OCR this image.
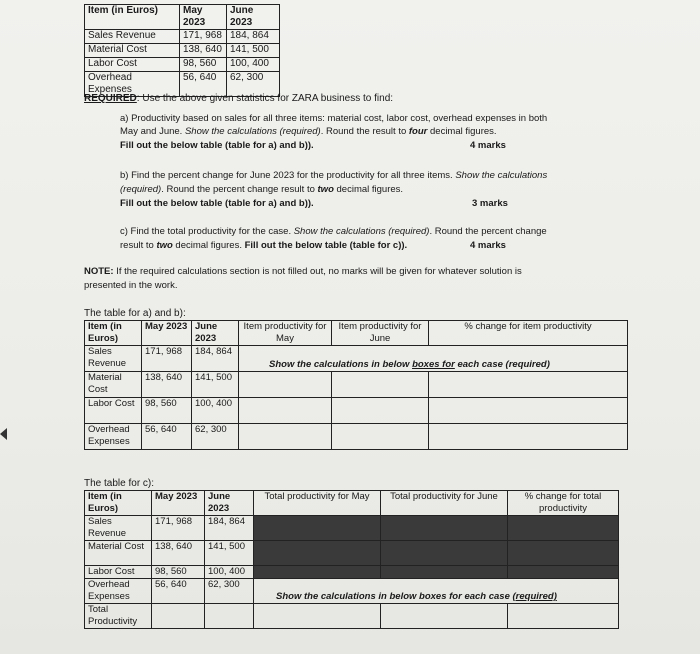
Item (in Euros)	May 2023	June 2023
Sales Revenue	171, 968	184, 864
Material Cost	138, 640	141, 500
Labor Cost	98, 560	100, 400
Overhead Expenses	56, 640	62, 300
REQUIRED: Use the above given statistics for ZARA business to find:
a) Productivity based on sales for all three items: material cost, labor cost, overhead expenses in both
May and June. Show the calculations (required). Round the result to four decimal figures.
Fill out the below table (table for a) and b)).	4 marks
b) Find the percent change for June 2023 for the productivity for all three items. Show the calculations
(required). Round the percent change result to two decimal figures.
Fill out the below table (table for a) and b)).	3 marks
c) Find the total productivity for the case. Show the calculations (required). Round the percent change
result to two decimal figures. Fill out the below table (table for c)).	4 marks
NOTE: If the required calculations section is not filled out, no marks will be given for whatever solution is
presented in the work.
The table for a) and b):
Item (in Euros)	May 2023	June 2023	Item productivity for May	Item productivity for June	% change for item productivity
Sales Revenue	171, 968	184, 864	Show the calculations in below boxes for each case (required)		
Material Cost	138, 640	141, 500			
Labor Cost	98, 560	100, 400			
Overhead Expenses	56, 640	62, 300			
The table for c):
Item (in Euros)	May 2023	June 2023	Total productivity for May	Total productivity for June	% change for total productivity
Sales Revenue	171, 968	184, 864			
Material Cost	138, 640	141, 500			
Labor Cost	98, 560	100, 400			
Overhead Expenses	56, 640	62, 300	Show the calculations in below boxes for each case (required)		
Total Productivity					
